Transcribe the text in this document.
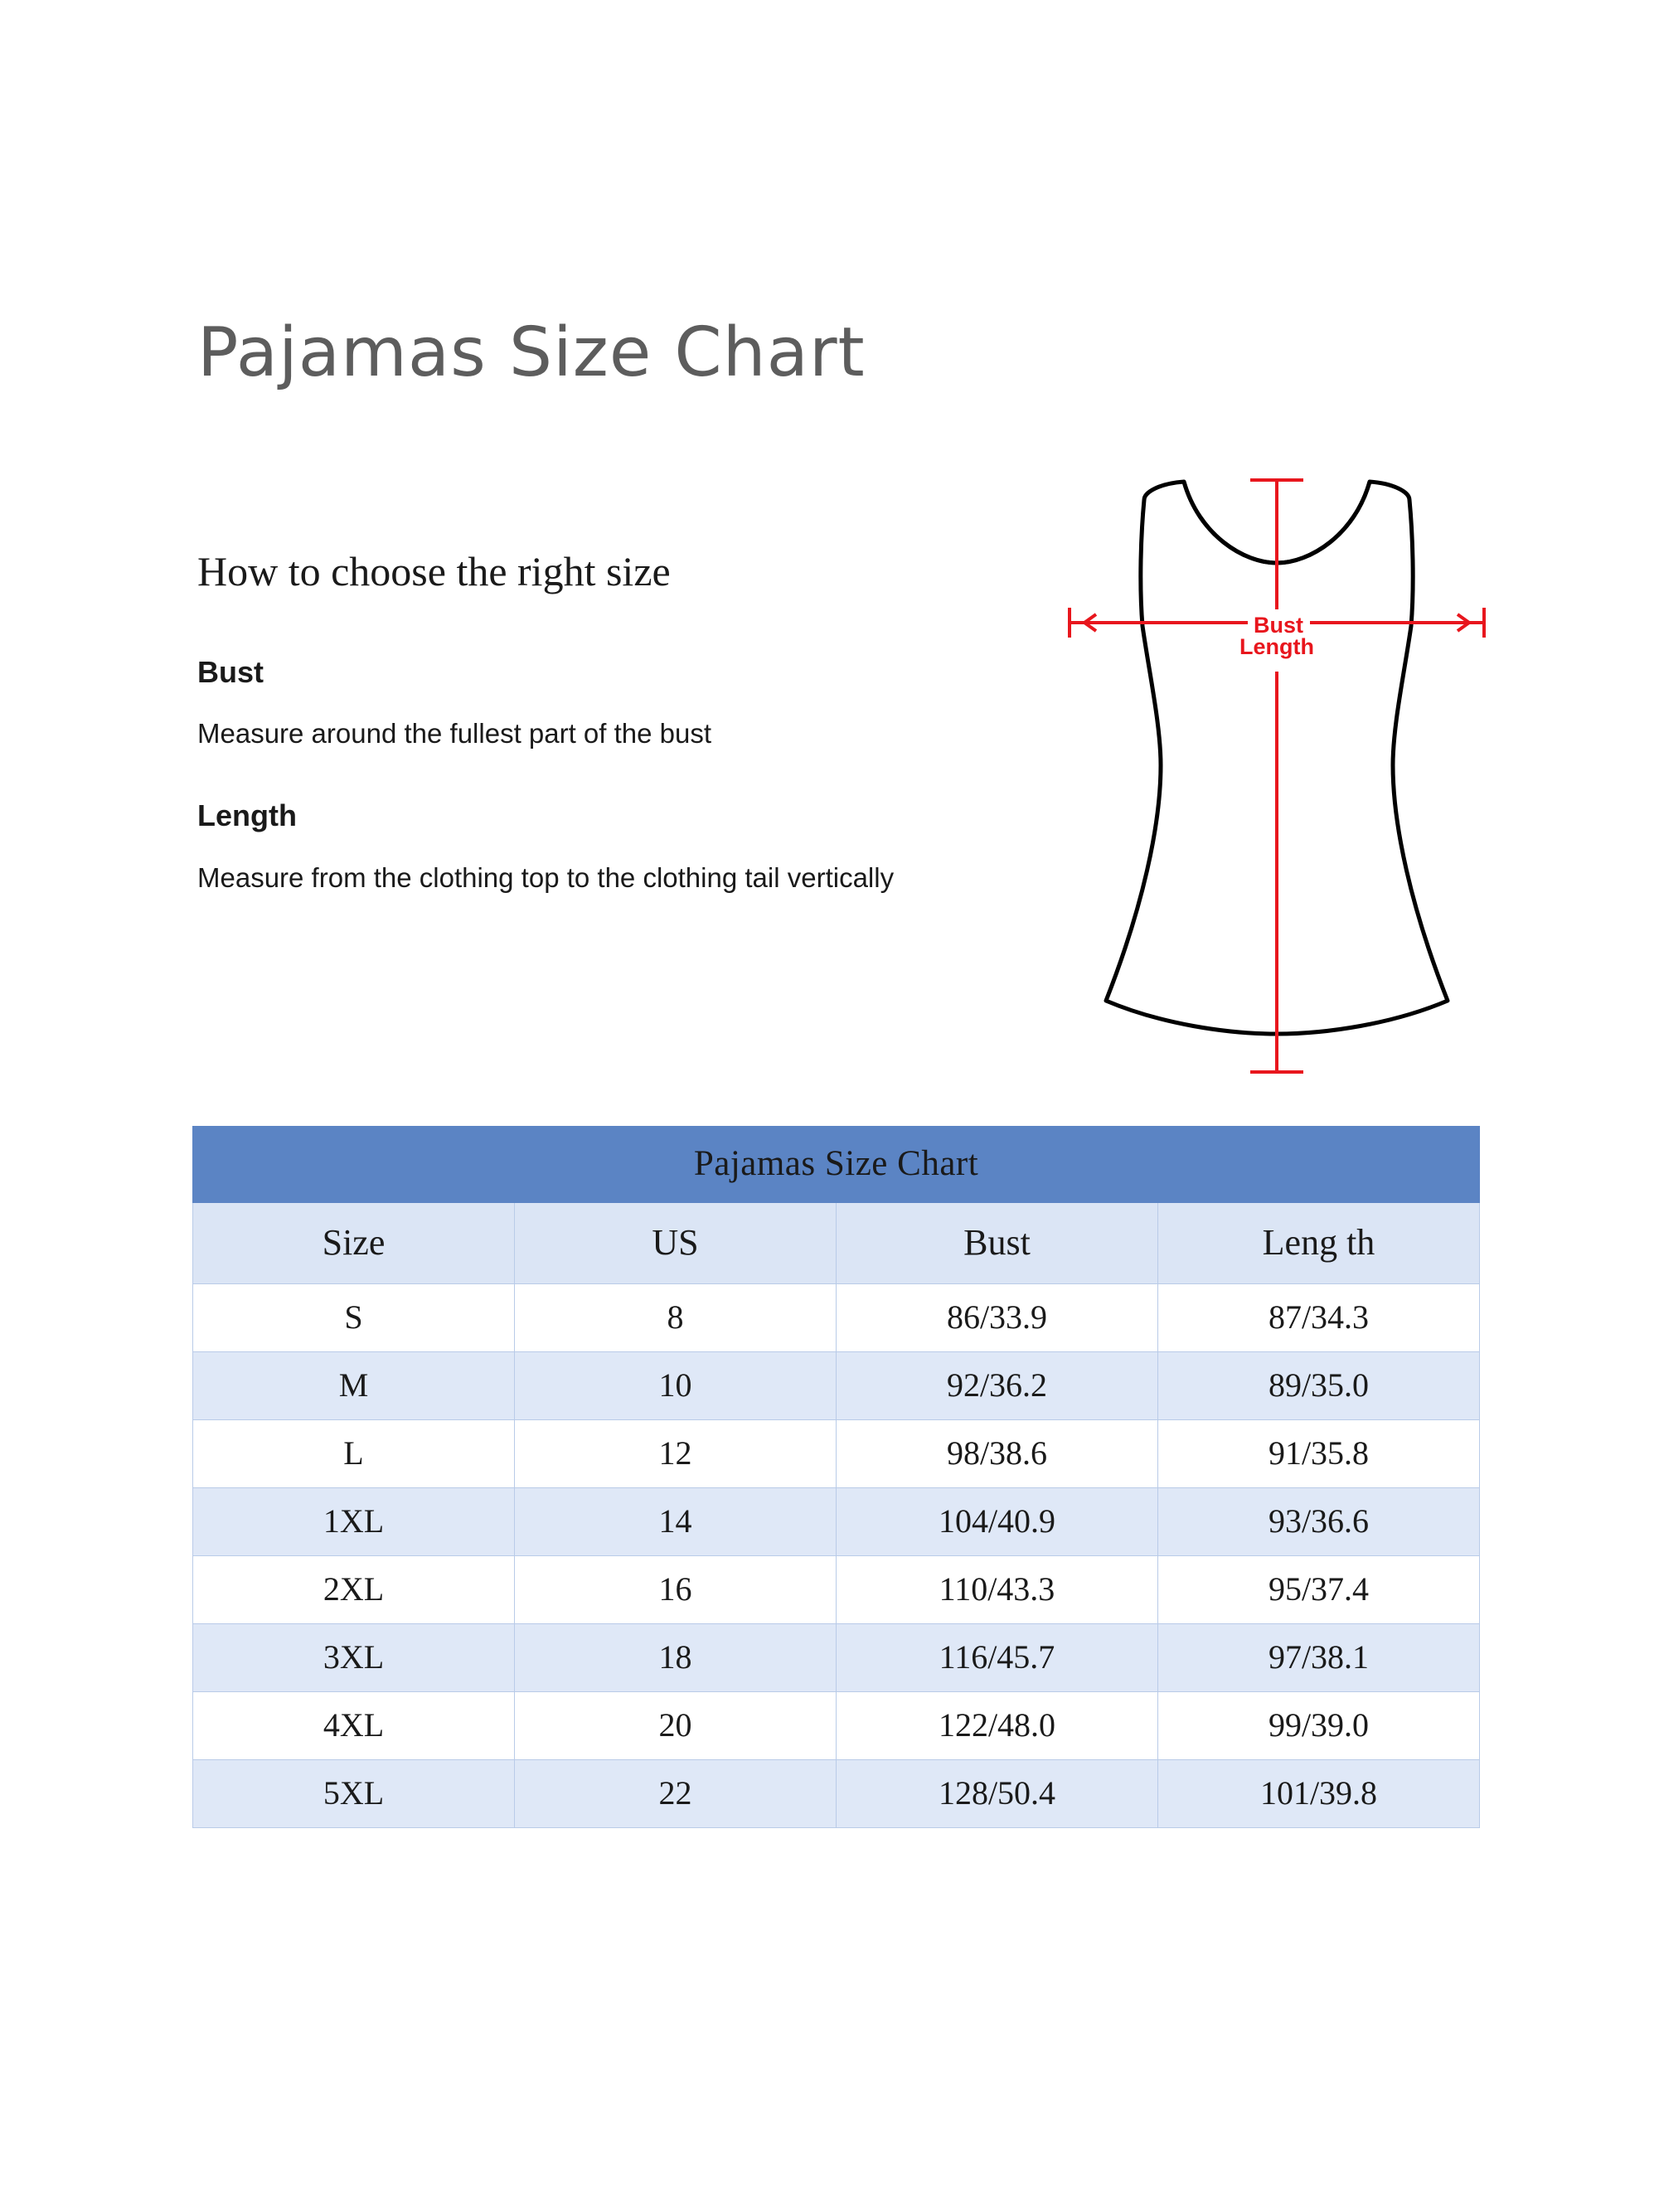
Pajamas Size Chart
How to choose the right size
Bust
Measure around the fullest part of the bust
Length
Measure from the clothing top to the clothing tail vertically
Bust
Length
Pajamas Size Chart			
Size	US	Bust	Leng th
S	8	86/33.9	87/34.3
M	10	92/36.2	89/35.0
L	12	98/38.6	91/35.8
1XL	14	104/40.9	93/36.6
2XL	16	110/43.3	95/37.4
3XL	18	116/45.7	97/38.1
4XL	20	122/48.0	99/39.0
5XL	22	128/50.4	101/39.8
